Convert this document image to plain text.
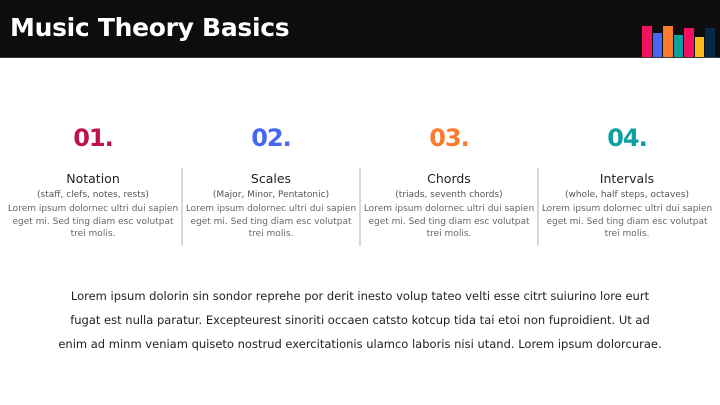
Music Theory Basics
01.
Notation
(staff, clefs, notes, rests)
Lorem ipsum dolornec ultri dui sapien eget mi. Sed ting diam esc volutpat trei molis.
02.
Scales
(Major, Minor, Pentatonic)
Lorem ipsum dolornec ultri dui sapien eget mi. Sed ting diam esc volutpat trei molis.
03.
Chords
(triads, seventh chords)
Lorem ipsum dolornec ultri dui sapien eget mi. Sed ting diam esc volutpat trei molis.
04.
Intervals
(whole, half steps, octaves)
Lorem ipsum dolornec ultri dui sapien eget mi. Sed ting diam esc volutpat trei molis.
Lorem ipsum dolorin sin sondor reprehe por derit inesto volup tateo velti esse citrt suiurino lore eurt fugat est nulla paratur. Excepteurest sinoriti occaen catsto kotcup tida tai etoi non fuproidient. Ut ad enim ad minm veniam quiseto nostrud exercitationis ulamco laboris nisi utand. Lorem ipsum dolorcurae.
